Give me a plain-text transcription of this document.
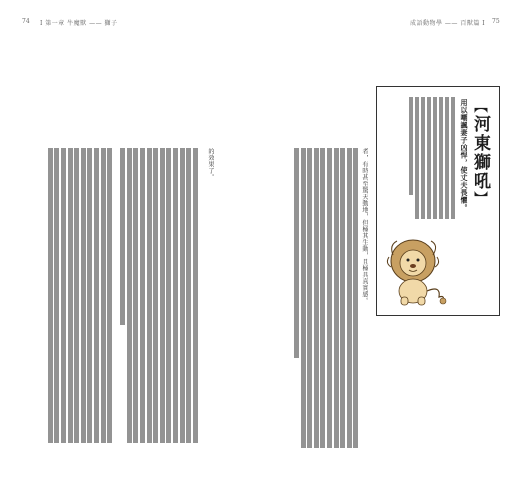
74 Ⅰ 第一章 牛魔獸 —— 獅子
的效果了。
成語動物學 —— 百獸篇 Ⅰ 75
【河東獅吼】
用以嘲諷妻子凶悍，使丈夫畏懼。
者，有時甚至驚天動地，但極其生動，且極具真實感。
